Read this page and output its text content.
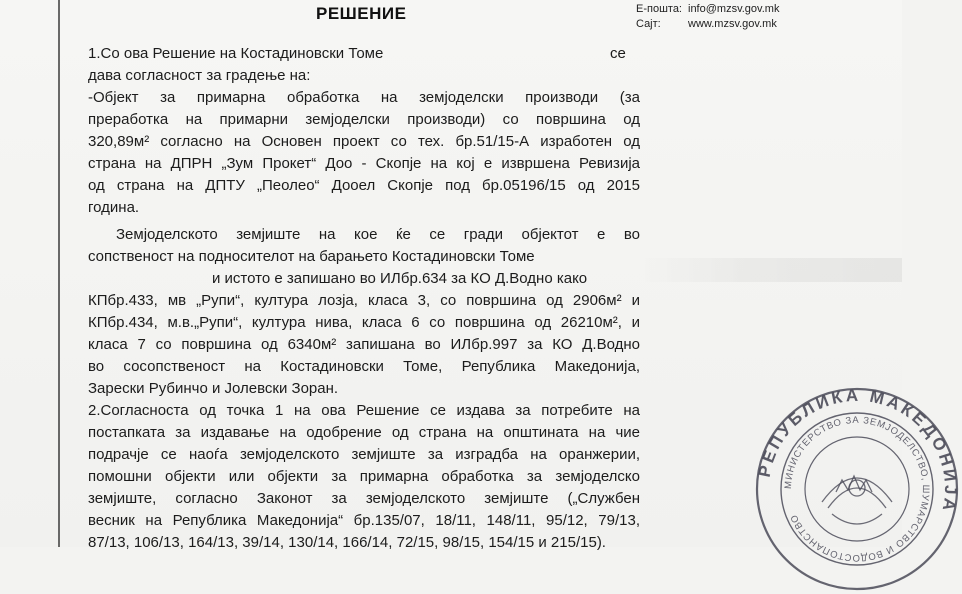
РЕШЕНИЕ	Е-пошта: info@mzsv.gov.mk
Сајт:	www.mzsv.gov.mk
1.Со ова Решение на Костадиновски Томе
дава согласност за градење на:
-Објект за примарна обработка на земјоделски производи (за
преработка на примарни земјоделски производи) со површина од
320,89м² согласно на Основен проект со тех. бр.51/15-А изработен од
страна на ДПРН „Зум Прокет“ Доо - Скопје на кој е извршена Ревизија
од страна на ДПТУ „Пеолео“ Дооел Скопје под бр.05196/15 од 2015
година.
Земјоделското земјиште на кое ќе се гради објектот е во
сопственост на подносителот на барањето Костадиновски Томе
и истото е запишано во ИЛбр.634 за КО Д.Водно како
КПбр.433, мв „Рупи“, култура лозја, класа 3, со површина од 2906м² и
КПбр.434, м.в.„Рупи“, култура нива, класа 6 со површина од 26210м², и
класа 7 со површина од 6340м² запишана во ИЛбр.997 за КО Д.Водно
во сосопственост на Костадиновски Томе, Република Македонија,
Зарески Рубинчо и Јолевски Зоран.
2.Согласноста од точка 1 на ова Решение се издава за потребите на
постапката за издавање на одобрение од страна на општината на чие
подрачје се наоѓа земјоделското земјиште за изградба на оранжерии,
помошни објекти или објекти за примарна обработка за земјоделско
земјиште, согласно Законот за земјоделското земјиште („Службен
весник на Република Македонија“ бр.135/07, 18/11, 148/11, 95/12, 79/13,
87/13, 106/13, 164/13, 39/14, 130/14, 166/14, 72/15, 98/15, 154/15 и 215/15).
се
РЕПУБЛИКА МАКЕДОНИЈА
МИНИСТЕРСТВО ЗА ЗЕМЈОДЕЛСТВО, ШУМАРСТВО И ВОДОСТОПАНСТВО
